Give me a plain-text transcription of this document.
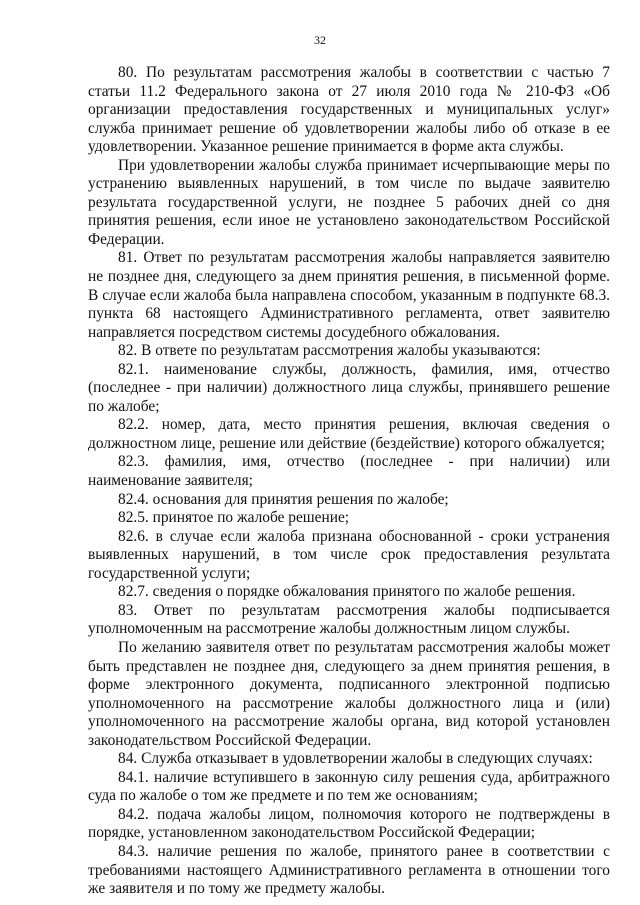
32

80. По результатам рассмотрения жалобы в соответствии с частью 7 статьи 11.2 Федерального закона от 27 июля 2010 года № 210-ФЗ «Об организации предоставления государственных и муниципальных услуг» служба принимает решение об удовлетворении жалобы либо об отказе в ее удовлетворении. Указанное решение принимается в форме акта службы.

При удовлетворении жалобы служба принимает исчерпывающие меры по устранению выявленных нарушений, в том числе по выдаче заявителю результата государственной услуги, не позднее 5 рабочих дней со дня принятия решения, если иное не установлено законодательством Российской Федерации.

81. Ответ по результатам рассмотрения жалобы направляется заявителю не позднее дня, следующего за днем принятия решения, в письменной форме. В случае если жалоба была направлена способом, указанным в подпункте 68.3. пункта 68 настоящего Административного регламента, ответ заявителю направляется посредством системы досудебного обжалования.

82. В ответе по результатам рассмотрения жалобы указываются:

82.1. наименование службы, должность, фамилия, имя, отчество (последнее - при наличии) должностного лица службы, принявшего решение по жалобе;

82.2. номер, дата, место принятия решения, включая сведения о должностном лице, решение или действие (бездействие) которого обжалуется;

82.3. фамилия, имя, отчество (последнее - при наличии) или наименование заявителя;

82.4. основания для принятия решения по жалобе;

82.5. принятое по жалобе решение;

82.6. в случае если жалоба признана обоснованной - сроки устранения выявленных нарушений, в том числе срок предоставления результата государственной услуги;

82.7. сведения о порядке обжалования принятого по жалобе решения.

83. Ответ по результатам рассмотрения жалобы подписывается уполномоченным на рассмотрение жалобы должностным лицом службы.

По желанию заявителя ответ по результатам рассмотрения жалобы может быть представлен не позднее дня, следующего за днем принятия решения, в форме электронного документа, подписанного электронной подписью уполномоченного на рассмотрение жалобы должностного лица и (или) уполномоченного на рассмотрение жалобы органа, вид которой установлен законодательством Российской Федерации.

84. Служба отказывает в удовлетворении жалобы в следующих случаях:

84.1. наличие вступившего в законную силу решения суда, арбитражного суда по жалобе о том же предмете и по тем же основаниям;

84.2. подача жалобы лицом, полномочия которого не подтверждены в порядке, установленном законодательством Российской Федерации;

84.3. наличие решения по жалобе, принятого ранее в соответствии с требованиями настоящего Административного регламента в отношении того же заявителя и по тому же предмету жалобы.
